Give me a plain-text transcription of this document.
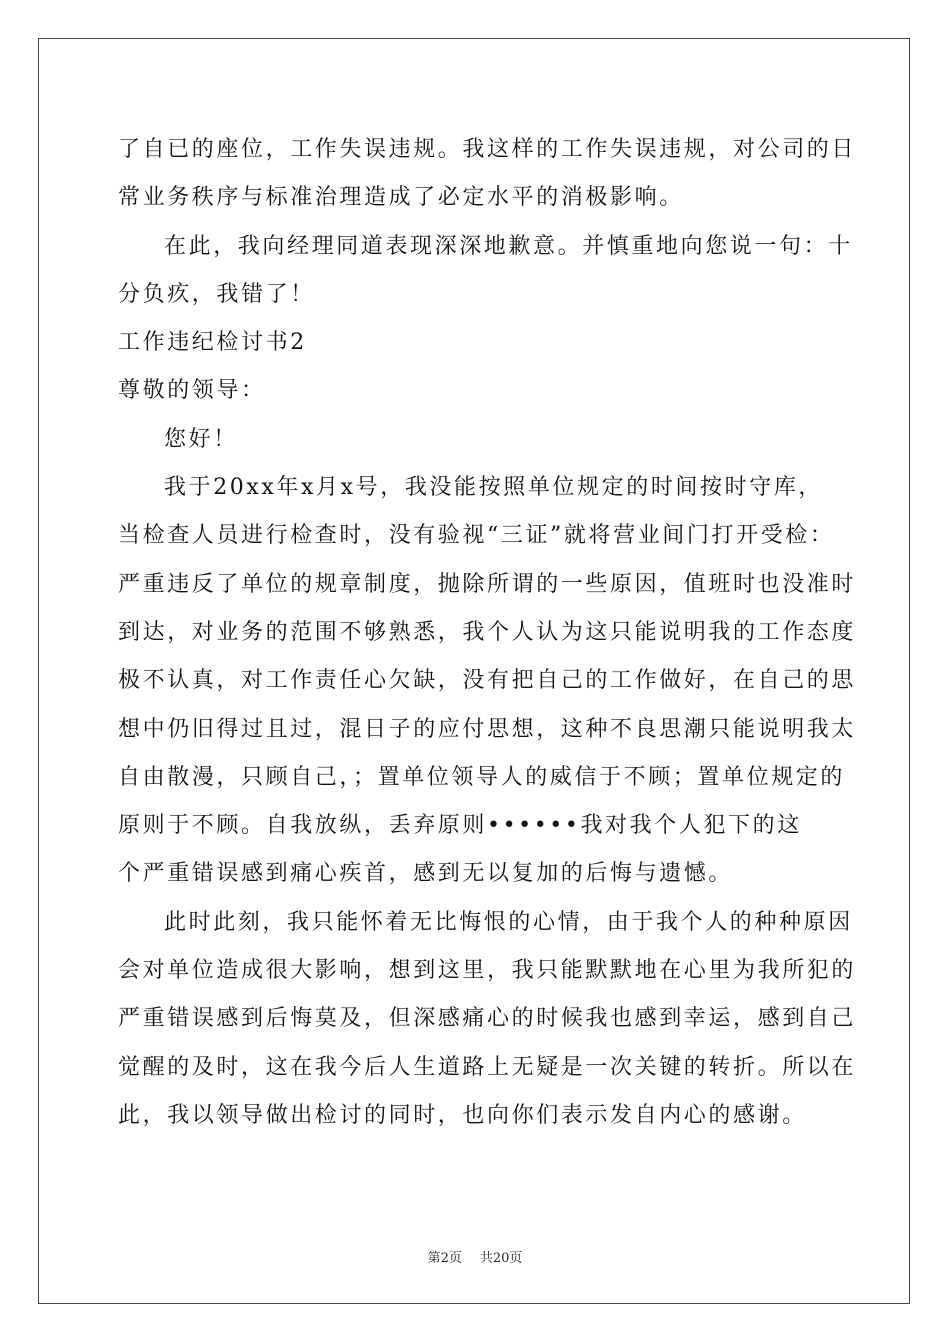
了自已的座位，工作失误违规。我这样的工作失误违规，对公司的日
常业务秩序与标准治理造成了必定水平的消极影响。
在此，我向经理同道表现深深地歉意。并慎重地向您说一句：十
分负疚，我错了！
工作违纪检讨书2
尊敬的领导：
您好！
我于20xx年x月x号，我没能按照单位规定的时间按时守库，
当检查人员进行检查时，没有验视“三证”就将营业间门打开受检：
严重违反了单位的规章制度，抛除所谓的一些原因，值班时也没准时
到达，对业务的范围不够熟悉，我个人认为这只能说明我的工作态度
极不认真，对工作责任心欠缺，没有把自己的工作做好，在自己的思
想中仍旧得过且过，混日子的应付思想，这种不良思潮只能说明我太
自由散漫，只顾自己，；置单位领导人的威信于不顾；置单位规定的
原则于不顾。自我放纵，丢弃原则••••••我对我个人犯下的这
个严重错误感到痛心疾首，感到无以复加的后悔与遗憾。
此时此刻，我只能怀着无比悔恨的心情，由于我个人的种种原因
会对单位造成很大影响，想到这里，我只能默默地在心里为我所犯的
严重错误感到后悔莫及，但深感痛心的时候我也感到幸运，感到自己
觉醒的及时，这在我今后人生道路上无疑是一次关键的转折。所以在
此，我以领导做出检讨的同时，也向你们表示发自内心的感谢。
第2页 共20页
